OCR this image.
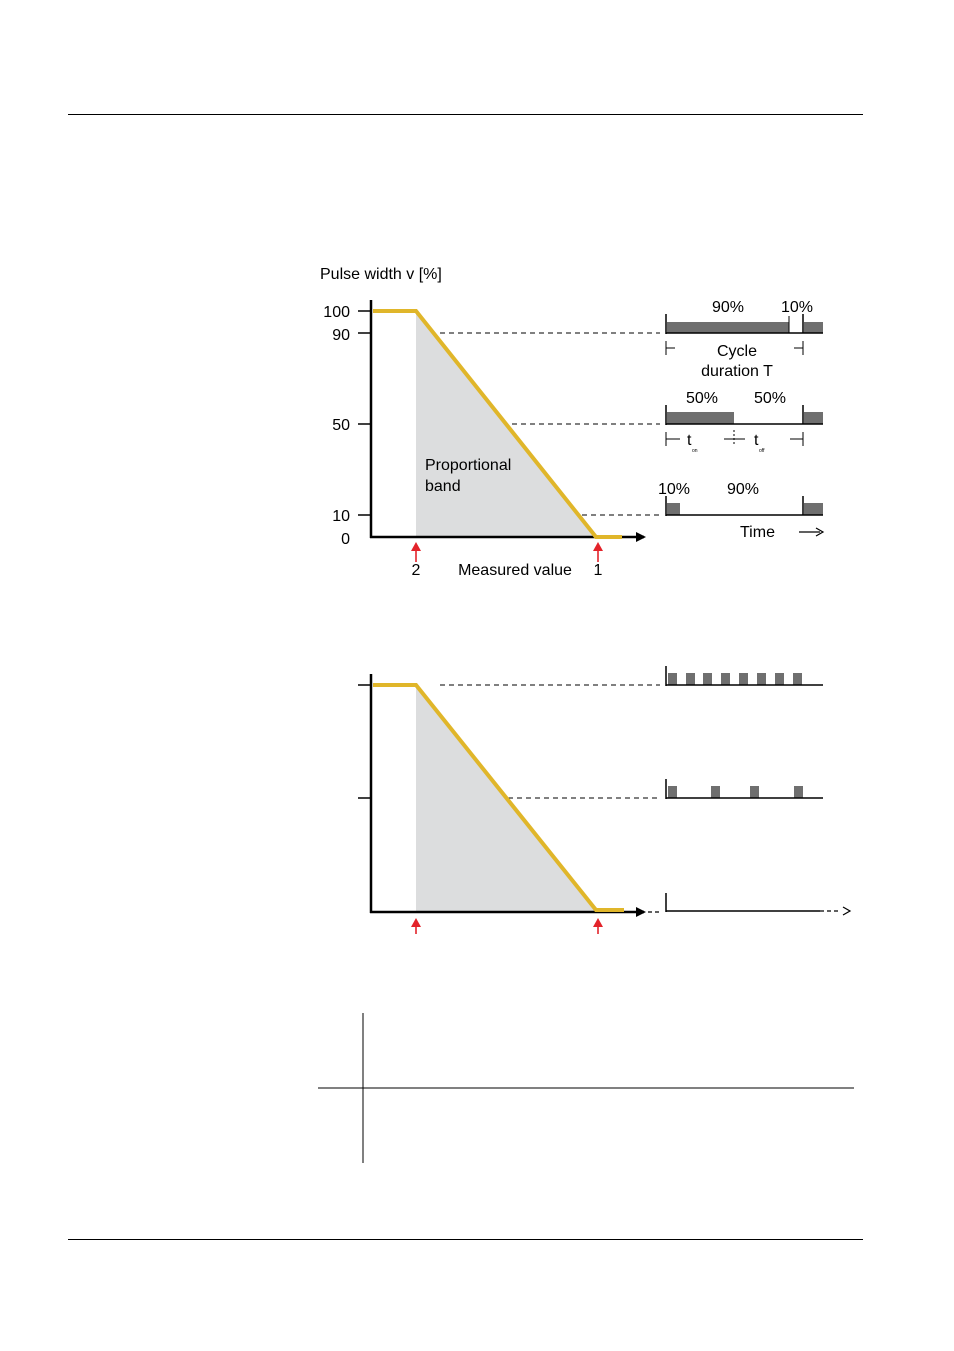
Pulse width v [%]
100
90
50
10
0
Proportional
band
2 Measured value 1
90% 10%
Cycle
duration T
50% 50%
t
on
t
off
10% 90%
Time
